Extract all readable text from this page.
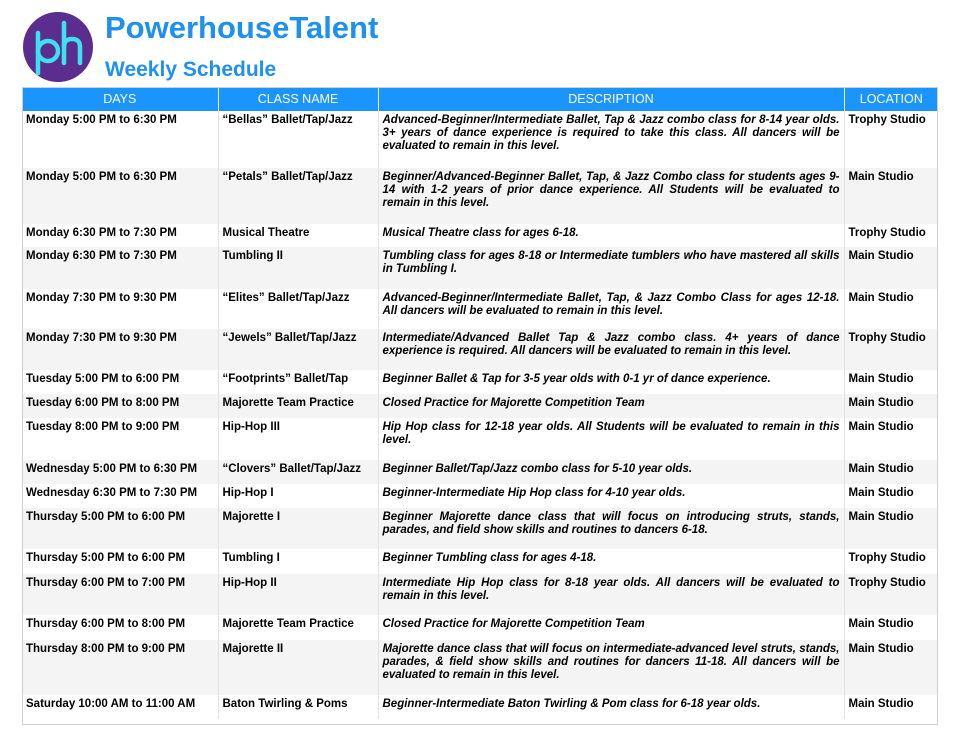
PowerhouseTalent
Weekly Schedule
DAYS	CLASS NAME	DESCRIPTION	LOCATION
Monday 5:00 PM to 6:30 PM	“Bellas” Ballet/Tap/Jazz	Advanced-Beginner/Intermediate Ballet, Tap & Jazz combo class for 8-14 year olds. 3+ years of dance experience is required to take this class. All dancers will be evaluated to remain in this level.	Trophy Studio
Monday 5:00 PM to 6:30 PM	“Petals” Ballet/Tap/Jazz	Beginner/Advanced-Beginner Ballet, Tap, & Jazz Combo class for students ages 9-14 with 1-2 years of prior dance experience. All Students will be evaluated to remain in this level.	Main Studio
Monday 6:30 PM to 7:30 PM	Musical Theatre	Musical Theatre class for ages 6-18.	Trophy Studio
Monday 6:30 PM to 7:30 PM	Tumbling II	Tumbling class for ages 8-18 or Intermediate tumblers who have mastered all skills in Tumbling I.	Main Studio
Monday 7:30 PM to 9:30 PM	“Elites” Ballet/Tap/Jazz	Advanced-Beginner/Intermediate Ballet, Tap, & Jazz Combo Class for ages 12-18. All dancers will be evaluated to remain in this level.	Main Studio
Monday 7:30 PM to 9:30 PM	“Jewels” Ballet/Tap/Jazz	Intermediate/Advanced Ballet Tap & Jazz combo class. 4+ years of dance experience is required. All dancers will be evaluated to remain in this level.	Trophy Studio
Tuesday 5:00 PM to 6:00 PM	“Footprints” Ballet/Tap	Beginner Ballet & Tap for 3-5 year olds with 0-1 yr of dance experience.	Main Studio
Tuesday 6:00 PM to 8:00 PM	Majorette Team Practice	Closed Practice for Majorette Competition Team	Main Studio
Tuesday 8:00 PM to 9:00 PM	Hip-Hop III	Hip Hop class for 12-18 year olds. All Students will be evaluated to remain in this level.	Main Studio
Wednesday 5:00 PM to 6:30 PM	“Clovers” Ballet/Tap/Jazz	Beginner Ballet/Tap/Jazz combo class for 5-10 year olds.	Main Studio
Wednesday 6:30 PM to 7:30 PM	Hip-Hop I	Beginner-Intermediate Hip Hop class for 4-10 year olds.	Main Studio
Thursday 5:00 PM to 6:00 PM	Majorette I	Beginner Majorette dance class that will focus on introducing struts, stands, parades, and field show skills and routines to dancers 6-18.	Main Studio
Thursday 5:00 PM to 6:00 PM	Tumbling I	Beginner Tumbling class for ages 4-18.	Trophy Studio
Thursday 6:00 PM to 7:00 PM	Hip-Hop II	Intermediate Hip Hop class for 8-18 year olds. All dancers will be evaluated to remain in this level.	Trophy Studio
Thursday 6:00 PM to 8:00 PM	Majorette Team Practice	Closed Practice for Majorette Competition Team	Main Studio
Thursday 8:00 PM to 9:00 PM	Majorette II	Majorette dance class that will focus on intermediate-advanced level struts, stands, parades, & field show skills and routines for dancers 11-18. All dancers will be evaluated to remain in this level.	Main Studio
Saturday 10:00 AM to 11:00 AM	Baton Twirling & Poms	Beginner-Intermediate Baton Twirling & Pom class for 6-18 year olds.	Main Studio
